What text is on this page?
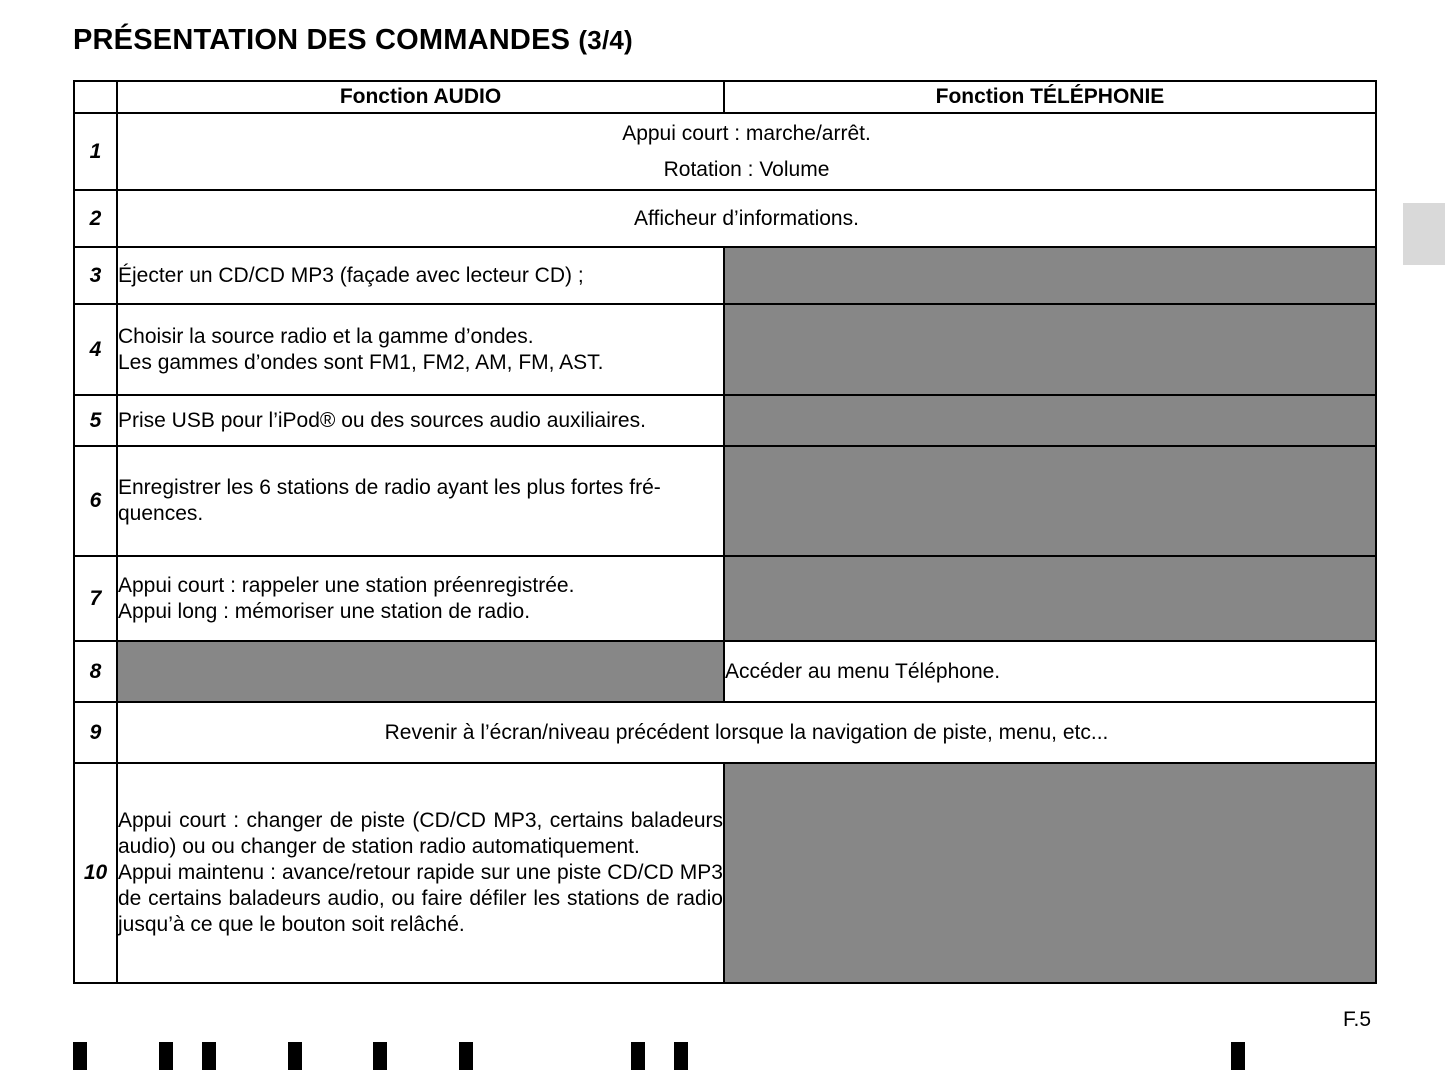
PRÉSENTATION DES COMMANDES (3/4)
	Fonction AUDIO	Fonction TÉLÉPHONIE
1	Appui court : marche/arrêt.
Rotation : Volume	

2	Afficheur d’informations.	

3	Éjecter un CD/CD MP3 (façade avec lecteur CD) ;	

4	Choisir la source radio et la gamme d’ondes.
Les gammes d’ondes sont FM1, FM2, AM, FM, AST.	

5	Prise USB pour l’iPod® ou des sources audio auxiliaires.	

6	Enregistrer les 6 stations de radio ayant les plus fortes fré-
quences.	

7	Appui court : rappeler une station préenregistrée.
Appui long : mémoriser une station de radio.	

8		Accéder au menu Téléphone.

9	Revenir à l’écran/niveau précédent lorsque la navigation de piste, menu, etc...	

10	Appui court : changer de piste (CD/CD MP3, certains baladeurs audio) ou ou changer de station radio automatiquement.
Appui maintenu : avance/retour rapide sur une piste CD/CD MP3 de certains baladeurs audio, ou faire défiler les stations de radio jusqu’à ce que le bouton soit relâché.	

F.5
